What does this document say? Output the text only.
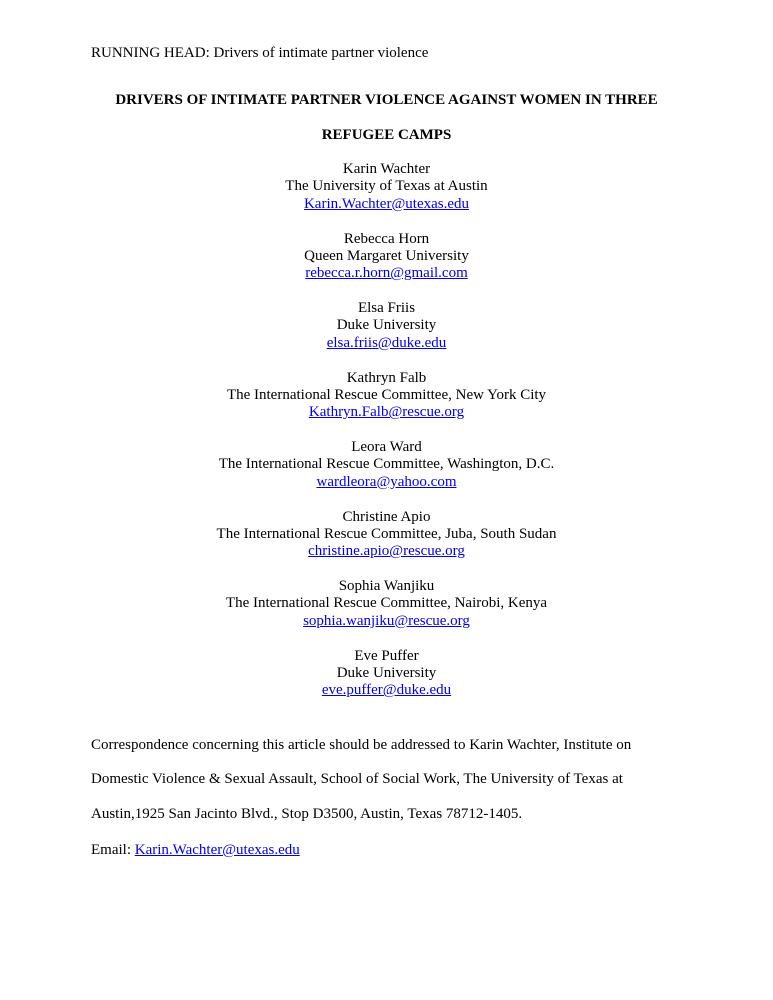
RUNNING HEAD: Drivers of intimate partner violence
DRIVERS OF INTIMATE PARTNER VIOLENCE AGAINST WOMEN IN THREE
REFUGEE CAMPS
Karin Wachter
The University of Texas at Austin
Karin.Wachter@utexas.edu
Rebecca Horn
Queen Margaret University
rebecca.r.horn@gmail.com
Elsa Friis
Duke University
elsa.friis@duke.edu
Kathryn Falb
The International Rescue Committee, New York City
Kathryn.Falb@rescue.org
Leora Ward
The International Rescue Committee, Washington, D.C.
wardleora@yahoo.com
Christine Apio
The International Rescue Committee, Juba, South Sudan
christine.apio@rescue.org
Sophia Wanjiku
The International Rescue Committee, Nairobi, Kenya
sophia.wanjiku@rescue.org
Eve Puffer
Duke University
eve.puffer@duke.edu
Correspondence concerning this article should be addressed to Karin Wachter, Institute on
Domestic Violence & Sexual Assault, School of Social Work, The University of Texas at
Austin,1925 San Jacinto Blvd., Stop D3500, Austin, Texas 78712-1405.
Email: Karin.Wachter@utexas.edu
